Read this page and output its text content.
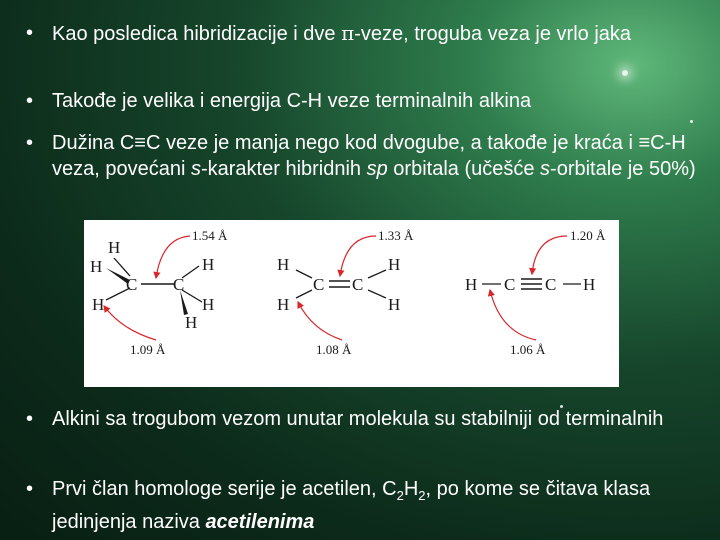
• Kao posledica hibridizacije i dve π-veze, troguba veza je vrlo jaka
• Takođe je velika i energija C-H veze terminalnih alkina
• Dužina C≡C veze je manja nego kod dvogube, a takođe je kraća i ≡C-H veza, povećani s-karakter hibridnih sp orbitala (učešće s-orbitale je 50%)
• Alkini sa trogubom vezom unutar molekula su stabilniji od terminalnih
• Prvi član homologe serije je acetilen, $C_2H_2$, po kome se čitava klasa jedinjenja naziva acetilenima
H
H
H
C C
H
H
H
1.54 Å
1.09 Å
H
H
C C
H
H
1.33 Å
1.08 Å
H C C H
1.20 Å
1.06 Å
